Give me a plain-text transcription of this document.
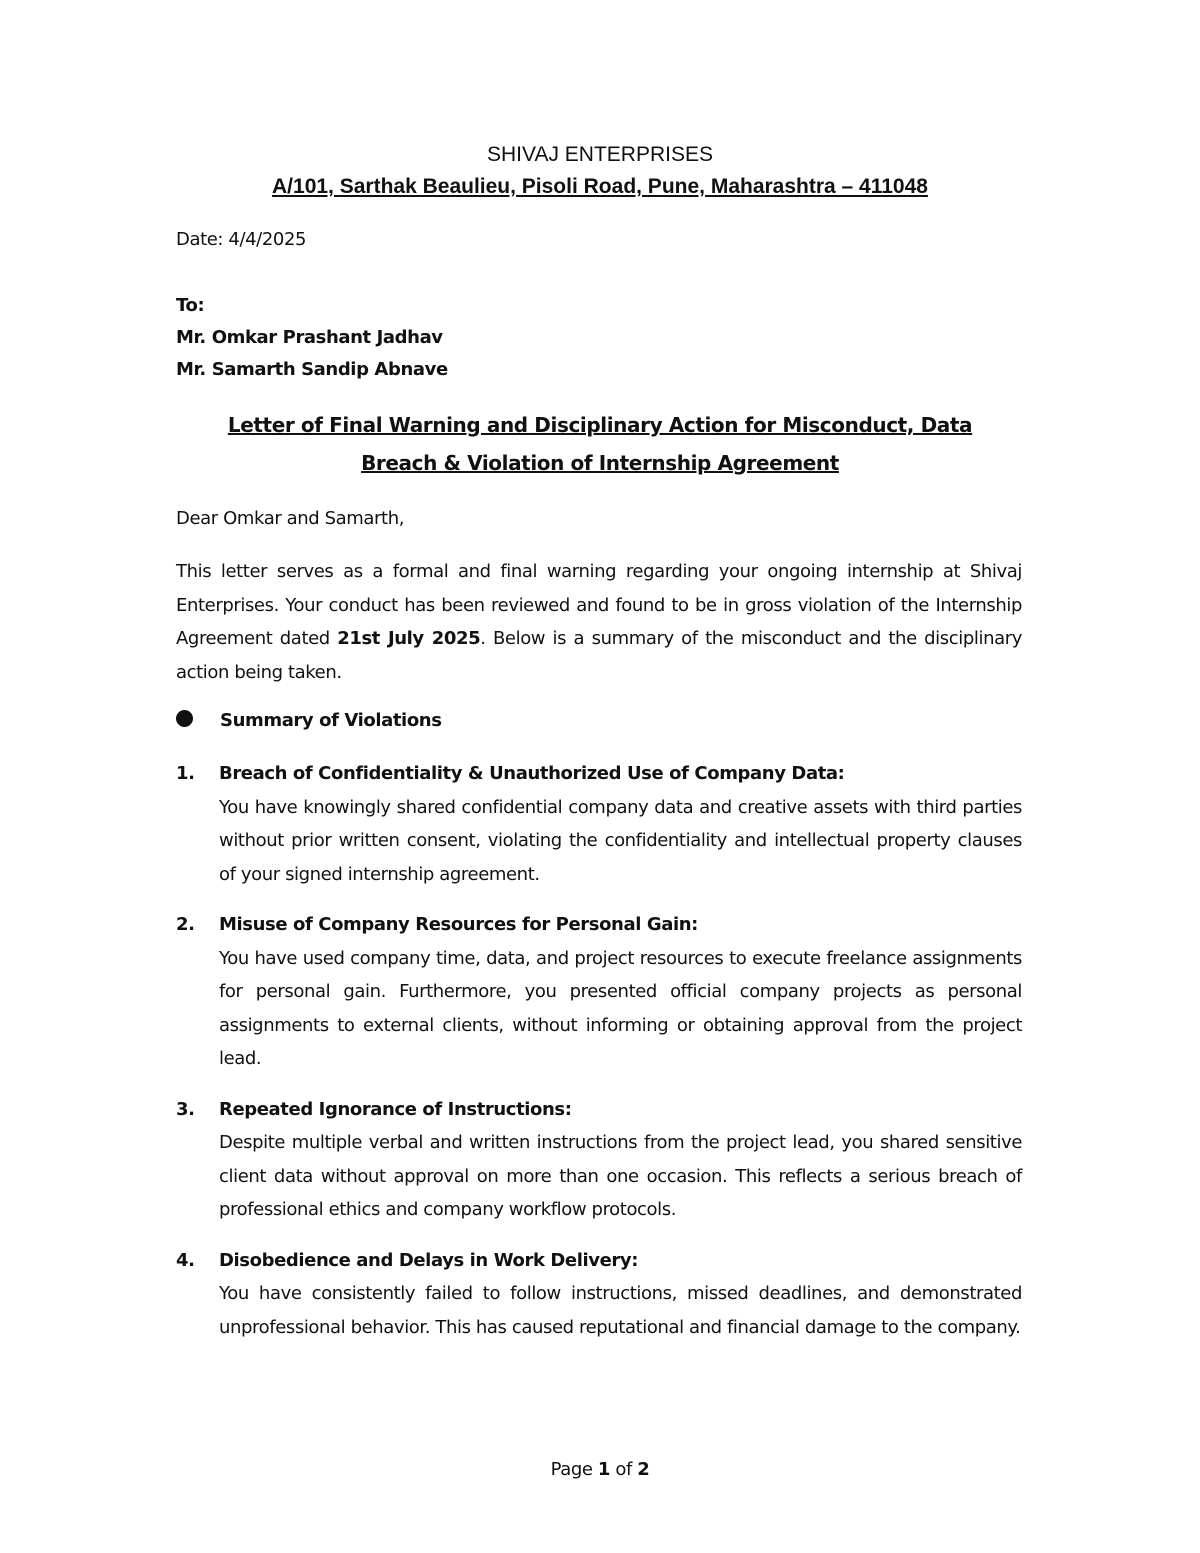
SHIVAJ ENTERPRISES
A/101, Sarthak Beaulieu, Pisoli Road, Pune, Maharashtra – 411048
Date: 4/4/2025
To:
Mr. Omkar Prashant Jadhav
Mr. Samarth Sandip Abnave
Letter of Final Warning and Disciplinary Action for Misconduct, Data
Breach & Violation of Internship Agreement
Dear Omkar and Samarth,
This letter serves as a formal and final warning regarding your ongoing internship at Shivaj Enterprises. Your conduct has been reviewed and found to be in gross violation of the Internship Agreement dated 21st July 2025. Below is a summary of the misconduct and the disciplinary action being taken.
Summary of Violations
1. Breach of Confidentiality & Unauthorized Use of Company Data:
You have knowingly shared confidential company data and creative assets with third parties without prior written consent, violating the confidentiality and intellectual property clauses of your signed internship agreement.
2. Misuse of Company Resources for Personal Gain:
You have used company time, data, and project resources to execute freelance assignments for personal gain. Furthermore, you presented official company projects as personal assignments to external clients, without informing or obtaining approval from the project lead.
3. Repeated Ignorance of Instructions:
Despite multiple verbal and written instructions from the project lead, you shared sensitive client data without approval on more than one occasion. This reflects a serious breach of professional ethics and company workflow protocols.
4. Disobedience and Delays in Work Delivery:
You have consistently failed to follow instructions, missed deadlines, and demonstrated unprofessional behavior. This has caused reputational and financial damage to the company.
Page 1 of 2
